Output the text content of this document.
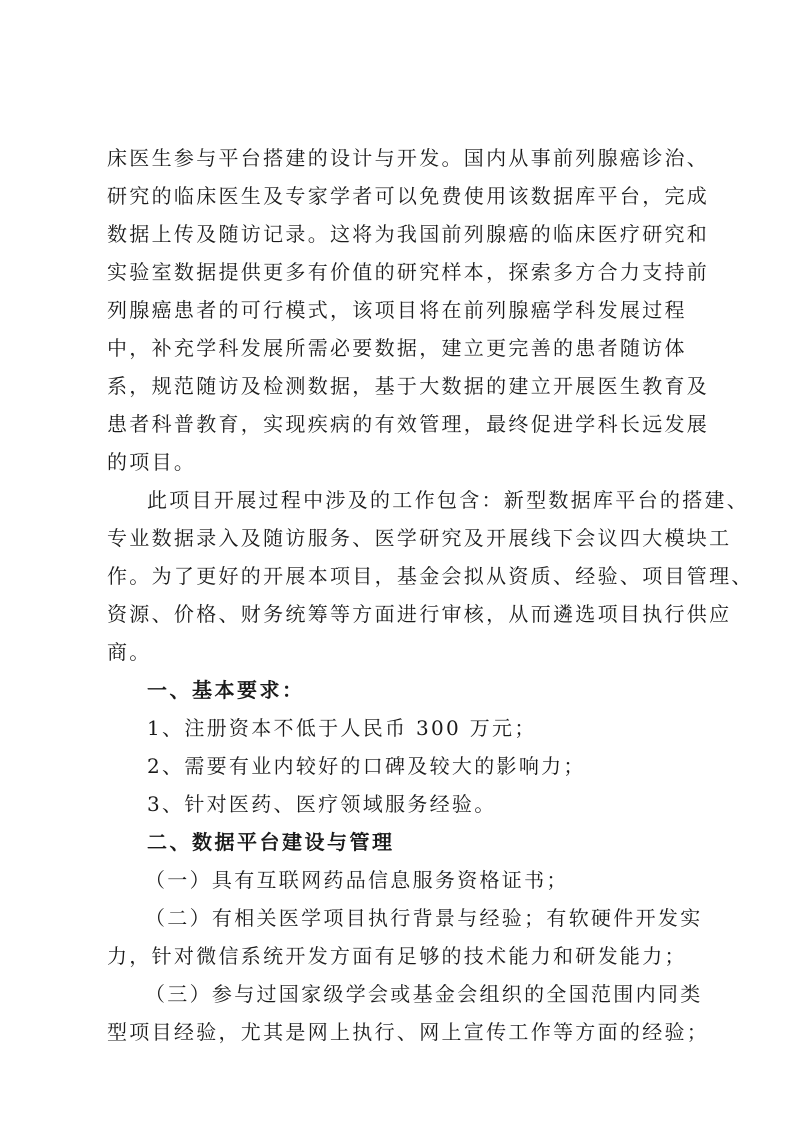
床医生参与平台搭建的设计与开发。国内从事前列腺癌诊治、
研究的临床医生及专家学者可以免费使用该数据库平台，完成
数据上传及随访记录。这将为我国前列腺癌的临床医疗研究和
实验室数据提供更多有价值的研究样本，探索多方合力支持前
列腺癌患者的可行模式，该项目将在前列腺癌学科发展过程
中，补充学科发展所需必要数据，建立更完善的患者随访体
系，规范随访及检测数据，基于大数据的建立开展医生教育及
患者科普教育，实现疾病的有效管理，最终促进学科长远发展
的项目。
此项目开展过程中涉及的工作包含：新型数据库平台的搭建、
专业数据录入及随访服务、医学研究及开展线下会议四大模块工
作。为了更好的开展本项目，基金会拟从资质、经验、项目管理、
资源、价格、财务统筹等方面进行审核，从而遴选项目执行供应
商。
一、基本要求：
1、注册资本不低于人民币 300 万元；
2、需要有业内较好的口碑及较大的影响力；
3、针对医药、医疗领域服务经验。
二、数据平台建设与管理
（一）具有互联网药品信息服务资格证书；
（二）有相关医学项目执行背景与经验；有软硬件开发实
力，针对微信系统开发方面有足够的技术能力和研发能力；
（三）参与过国家级学会或基金会组织的全国范围内同类
型项目经验，尤其是网上执行、网上宣传工作等方面的经验；
